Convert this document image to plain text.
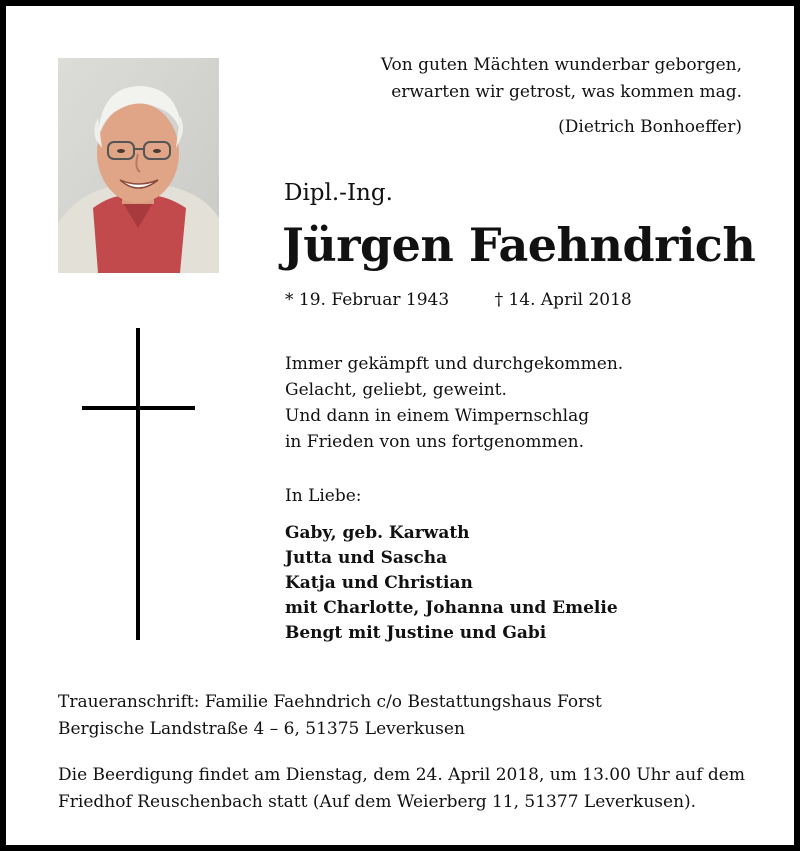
Von guten Mächten wunderbar geborgen,
erwarten wir getrost, was kommen mag.
(Dietrich Bonhoeffer)
Dipl.-Ing.
Jürgen Faehndrich
* 19. Februar 1943	† 14. April 2018
Immer gekämpft und durchgekommen.
Gelacht, geliebt, geweint.
Und dann in einem Wimpernschlag
in Frieden von uns fortgenommen.
In Liebe:
Gaby, geb. Karwath
Jutta und Sascha
Katja und Christian
mit Charlotte, Johanna und Emelie
Bengt mit Justine und Gabi
Traueranschrift: Familie Faehndrich c/o Bestattungshaus Forst
Bergische Landstraße 4 – 6, 51375 Leverkusen
Die Beerdigung findet am Dienstag, dem 24. April 2018, um 13.00 Uhr auf dem
Friedhof Reuschenbach statt (Auf dem Weierberg 11, 51377 Leverkusen).
